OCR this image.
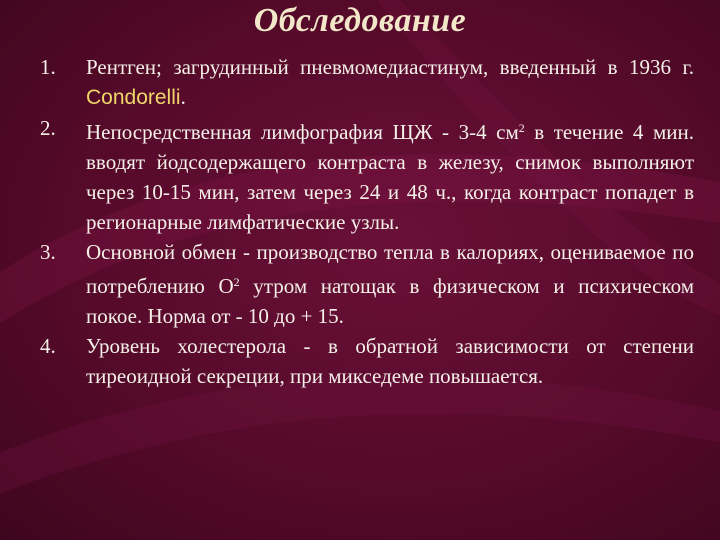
Обследование
1. Рентген; загрудинный пневмомедиастинум, введенный в 1936 г. Condorelli.
2. Непосредственная лимфография ЩЖ - 3-4 $см^2$ в течение 4 мин. вводят йодсодержащего контраста в железу, снимок выполняют через 10-15 мин, затем через 24 и 48 ч., когда контраст попадет в регионарные лимфатические узлы.
3. Основной обмен - производство тепла в калориях, оцениваемое по потреблению $О^2$ утром натощак в физическом и психическом покое. Норма от - 10 до + 15.
4. Уровень холестерола - в обратной зависимости от степени тиреоидной секреции, при микседеме повышается.
